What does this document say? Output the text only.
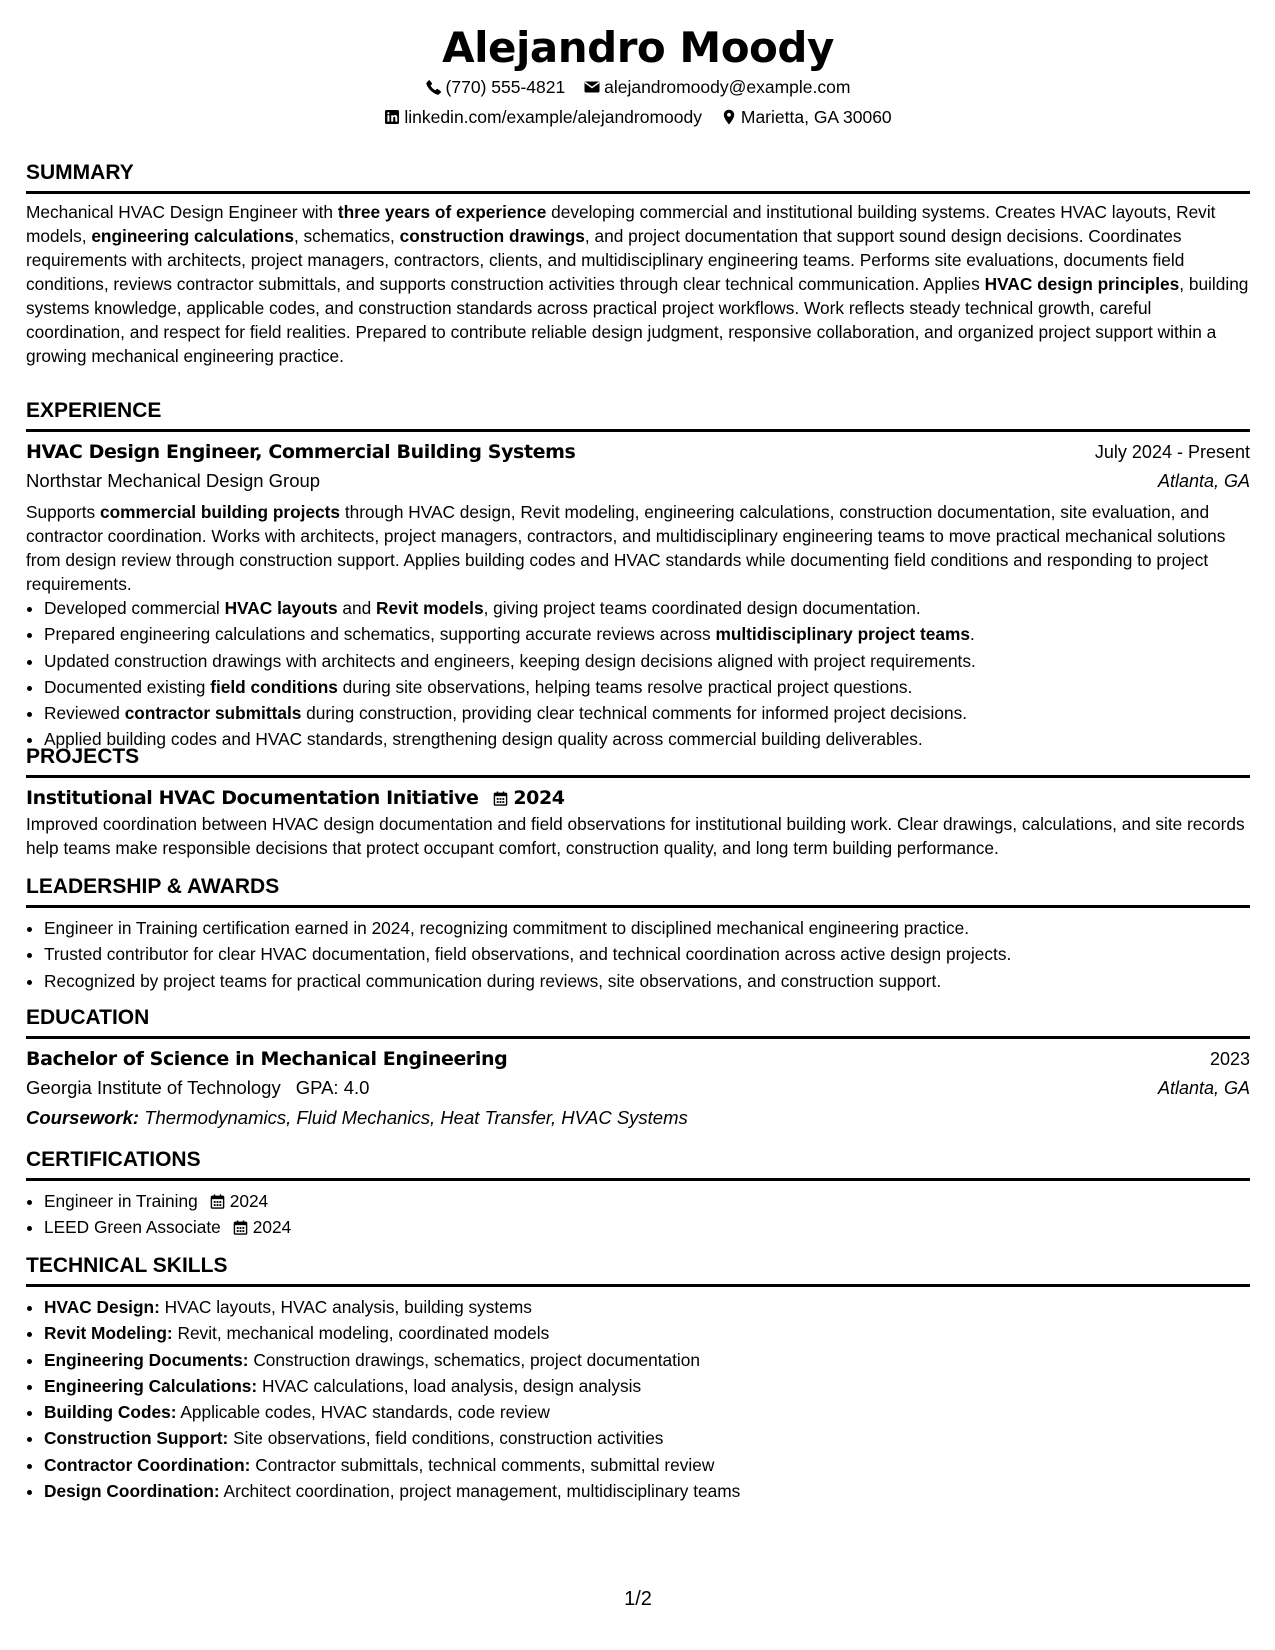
Alejandro Moody
(770) 555-4821
alejandromoody@example.com
linkedin.com/example/alejandromoody
Marietta, GA 30060
SUMMARY

Mechanical HVAC Design Engineer with three years of experience developing commercial and institutional building systems. Creates HVAC layouts, Revit models, engineering calculations, schematics, construction drawings, and project documentation that support sound design decisions. Coordinates requirements with architects, project managers, contractors, clients, and multidisciplinary engineering teams. Performs site evaluations, documents field conditions, reviews contractor submittals, and supports construction activities through clear technical communication. Applies HVAC design principles, building systems knowledge, applicable codes, and construction standards across practical project workflows. Work reflects steady technical growth, careful coordination, and respect for field realities. Prepared to contribute reliable design judgment, responsive collaboration, and organized project support within a growing mechanical engineering practice.

EXPERIENCE
HVAC Design Engineer, Commercial Building Systems	July 2024 - Present
Northstar Mechanical Design Group	Atlanta, GA

Supports commercial building projects through HVAC design, Revit modeling, engineering calculations, construction documentation, site evaluation, and contractor coordination. Works with architects, project managers, contractors, and multidisciplinary engineering teams to move practical mechanical solutions from design review through construction support. Applies building codes and HVAC standards while documenting field conditions and responding to project requirements.

• Developed commercial HVAC layouts and Revit models, giving project teams coordinated design documentation.
• Prepared engineering calculations and schematics, supporting accurate reviews across multidisciplinary project teams.
• Updated construction drawings with architects and engineers, keeping design decisions aligned with project requirements.
• Documented existing field conditions during site observations, helping teams resolve practical project questions.
• Reviewed contractor submittals during construction, providing clear technical comments for informed project decisions.
• Applied building codes and HVAC standards, strengthening design quality across commercial building deliverables.
PROJECTS
Institutional HVAC Documentation Initiative 2024

Improved coordination between HVAC design documentation and field observations for institutional building work. Clear drawings, calculations, and site records help teams make responsible decisions that protect occupant comfort, construction quality, and long term building performance.

LEADERSHIP & AWARDS
• Engineer in Training certification earned in 2024, recognizing commitment to disciplined mechanical engineering practice.
• Trusted contributor for clear HVAC documentation, field observations, and technical coordination across active design projects.
• Recognized by project teams for practical communication during reviews, site observations, and construction support.
EDUCATION
Bachelor of Science in Mechanical Engineering	2023
Georgia Institute of Technology GPA: 4.0	Atlanta, GA
Coursework: Thermodynamics, Fluid Mechanics, Heat Transfer, HVAC Systems
CERTIFICATIONS
• Engineer in Training 2024
• LEED Green Associate 2024
TECHNICAL SKILLS
• HVAC Design: HVAC layouts, HVAC analysis, building systems
• Revit Modeling: Revit, mechanical modeling, coordinated models
• Engineering Documents: Construction drawings, schematics, project documentation
• Engineering Calculations: HVAC calculations, load analysis, design analysis
• Building Codes: Applicable codes, HVAC standards, code review
• Construction Support: Site observations, field conditions, construction activities
• Contractor Coordination: Contractor submittals, technical comments, submittal review
• Design Coordination: Architect coordination, project management, multidisciplinary teams
1/2
